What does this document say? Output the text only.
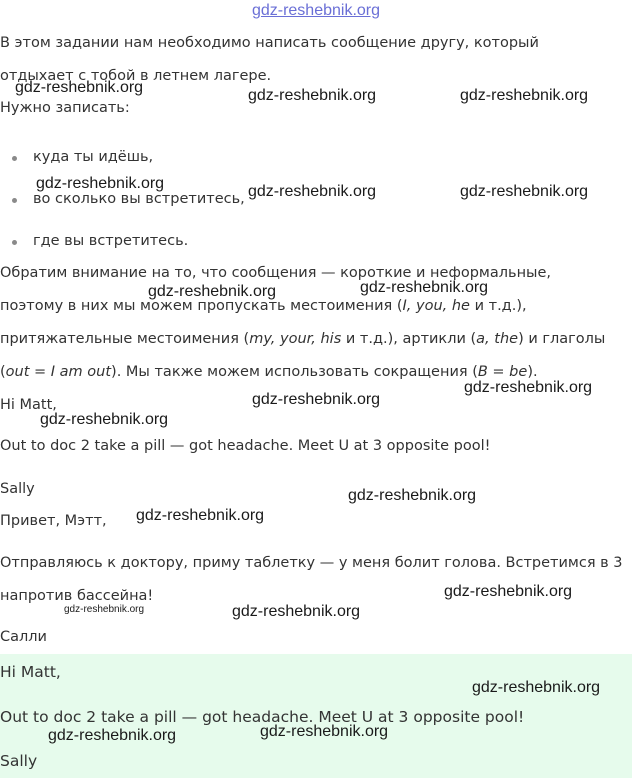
gdz-reshebnik.org

В этом задании нам необходимо написать сообщение другу, который

отдыхает с тобой в летнем лагере.

Нужно записать:

куда ты идёшь,

во сколько вы встретитесь,

где вы встретитесь.

Обратим внимание на то, что сообщения — короткие и неформальные,

поэтому в них мы можем пропускать местоимения (I, you, he и т.д.),

притяжательные местоимения (my, your, his и т.д.), артикли (a, the) и глаголы

(out = I am out). Мы также можем использовать сокращения (B = be).

Hi Matt,

Out to doc 2 take a pill — got headache. Meet U at 3 opposite pool!

Sally

Привет, Мэтт,

Отправляюсь к доктору, приму таблетку — у меня болит голова. Встретимся в 3

напротив бассейна!

Салли

Hi Matt,

Out to doc 2 take a pill — got headache. Meet U at 3 opposite pool!

Sally

gdz-reshebnik.org	gdz-reshebnik.org	gdz-reshebnik.org
gdz-reshebnik.org	gdz-reshebnik.org	gdz-reshebnik.org
gdz-reshebnik.org	gdz-reshebnik.org
gdz-reshebnik.org
gdz-reshebnik.org
gdz-reshebnik.org
gdz-reshebnik.org
gdz-reshebnik.org
gdz-reshebnik.org
gdz-reshebnik.org	gdz-reshebnik.org
gdz-reshebnik.org
gdz-reshebnik.org	gdz-reshebnik.org
